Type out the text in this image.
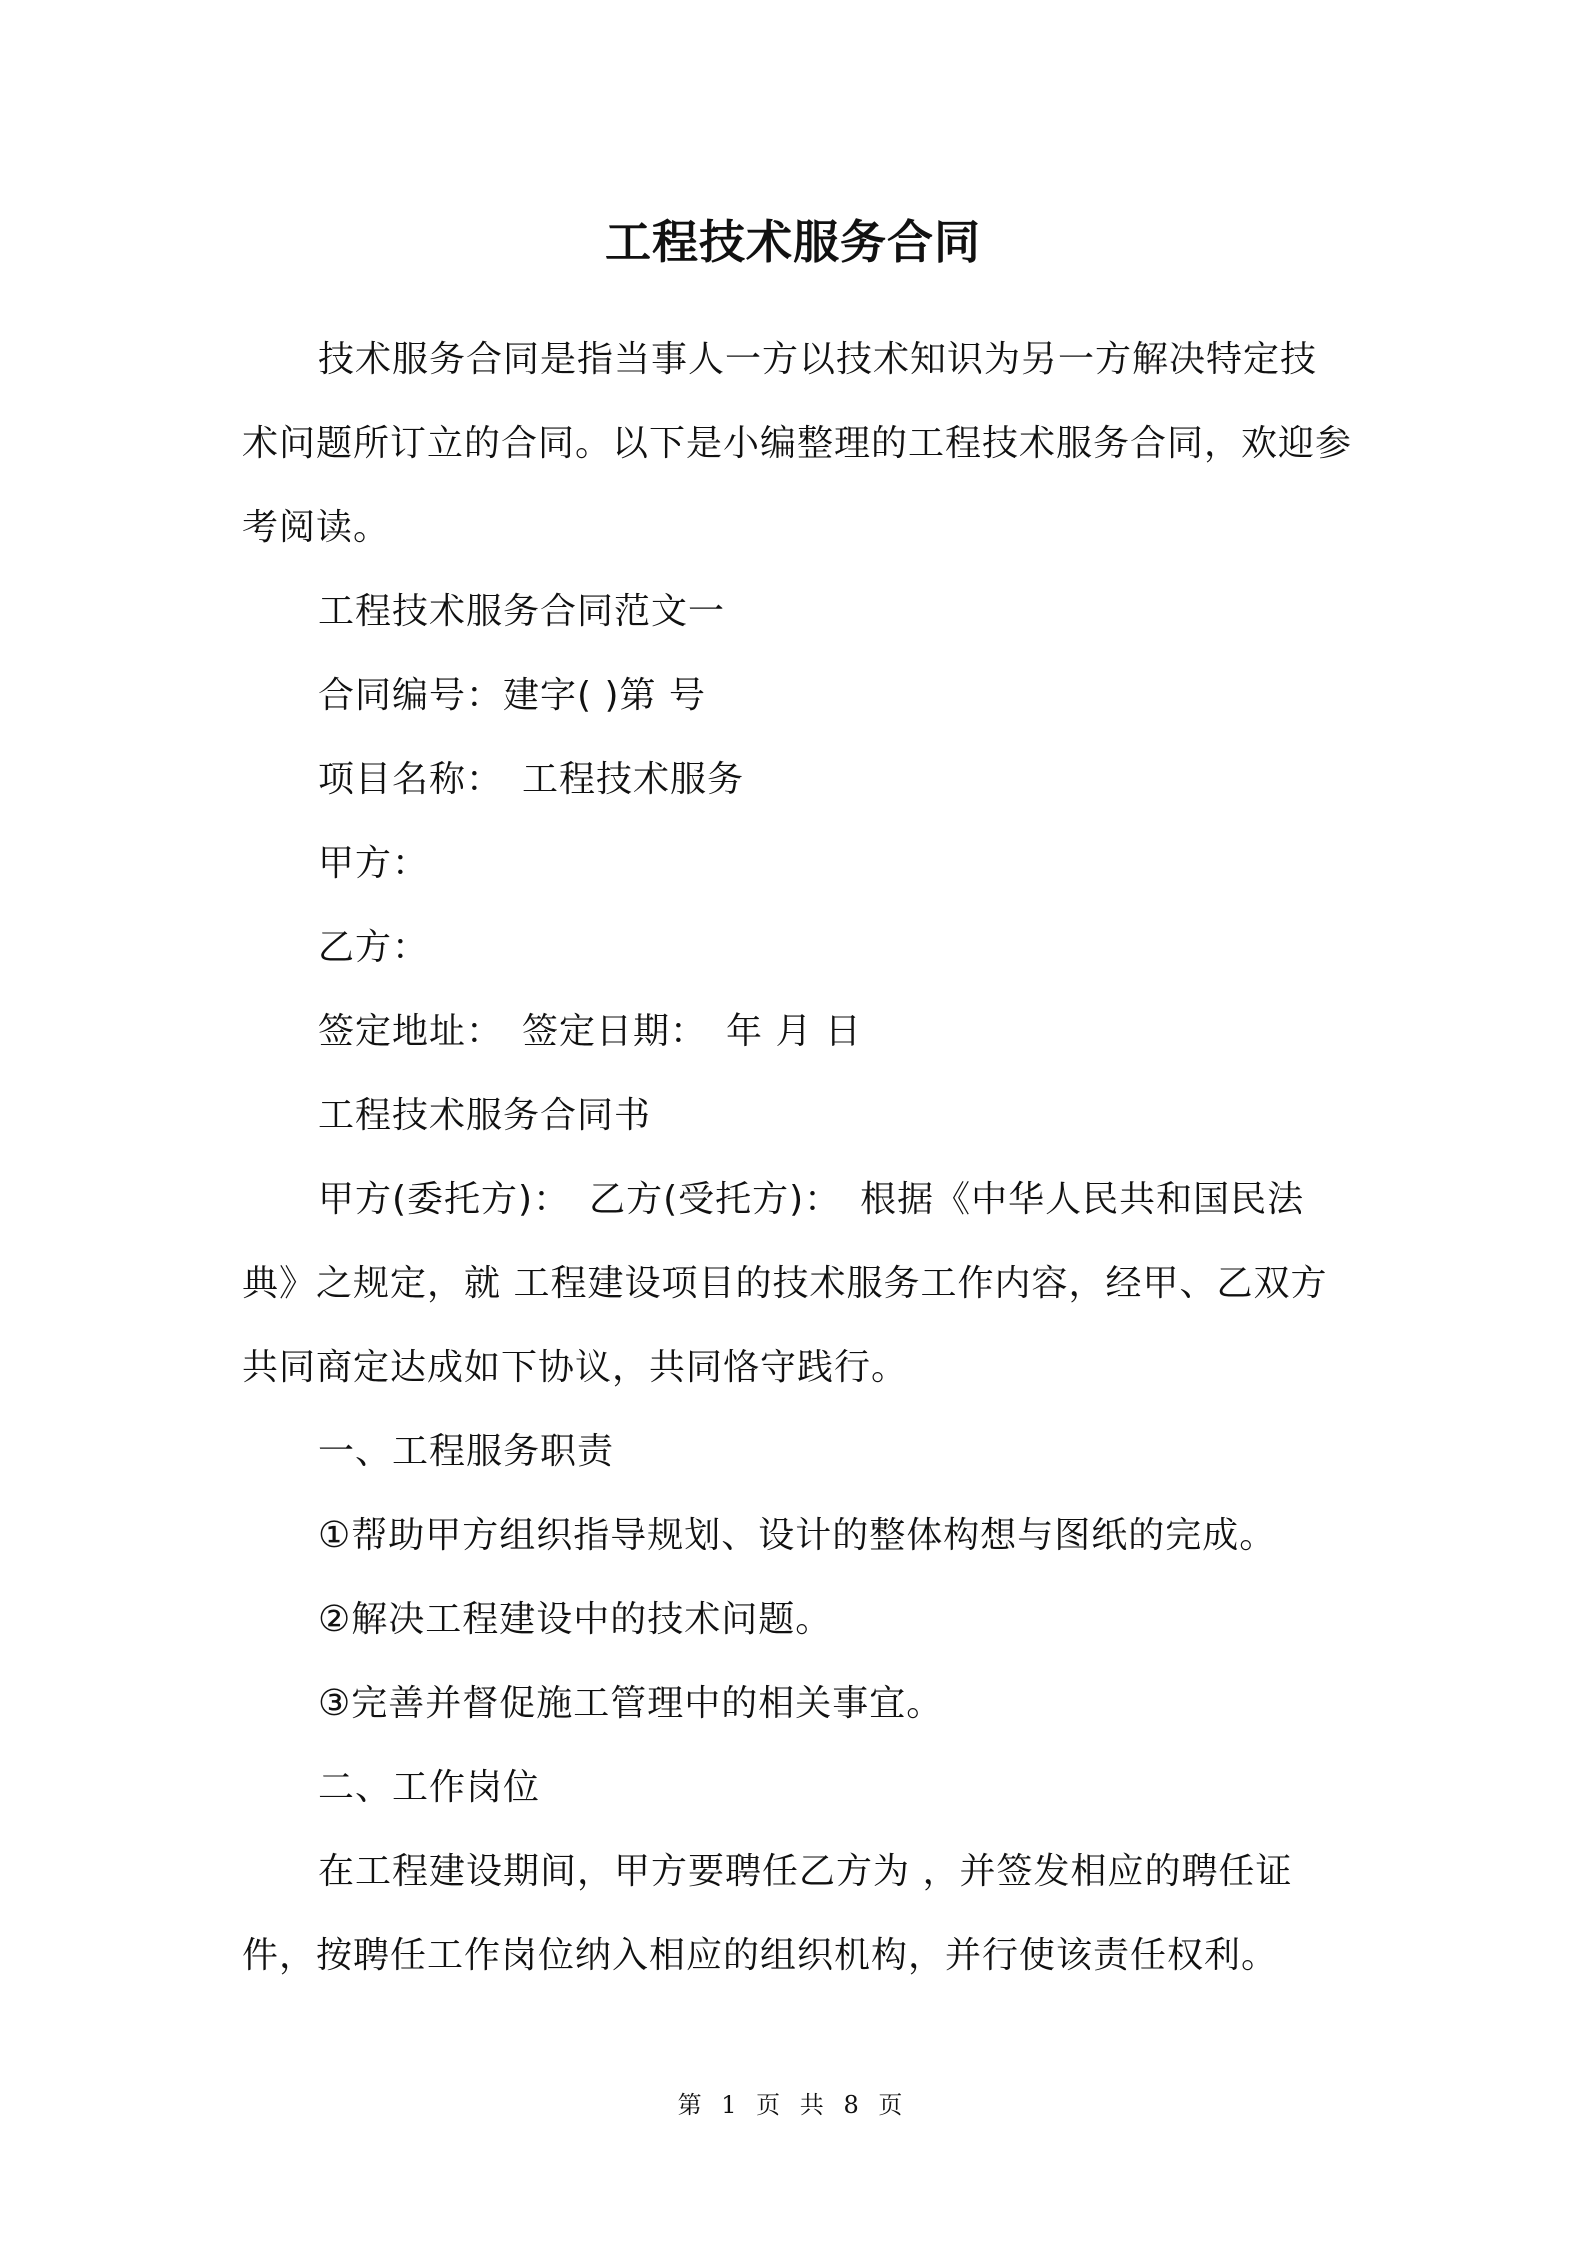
工程技术服务合同

技术服务合同是指当事人一方以技术知识为另一方解决特定技术问题所订立的合同。以下是小编整理的工程技术服务合同，欢迎参考阅读。

工程技术服务合同范文一

合同编号：建字( )第 号

项目名称：　工程技术服务

甲方：

乙方：

签定地址：　签定日期：　年 月 日

工程技术服务合同书

甲方(委托方)：　乙方(受托方)：　根据《中华人民共和国民法典》之规定，就 工程建设项目的技术服务工作内容，经甲、乙双方共同商定达成如下协议，共同恪守践行。

一、工程服务职责

①帮助甲方组织指导规划、设计的整体构想与图纸的完成。

②解决工程建设中的技术问题。

③完善并督促施工管理中的相关事宜。

二、工作岗位

在工程建设期间，甲方要聘任乙方为 ，并签发相应的聘任证件，按聘任工作岗位纳入相应的组织机构，并行使该责任权利。

第 1 页 共 8 页
